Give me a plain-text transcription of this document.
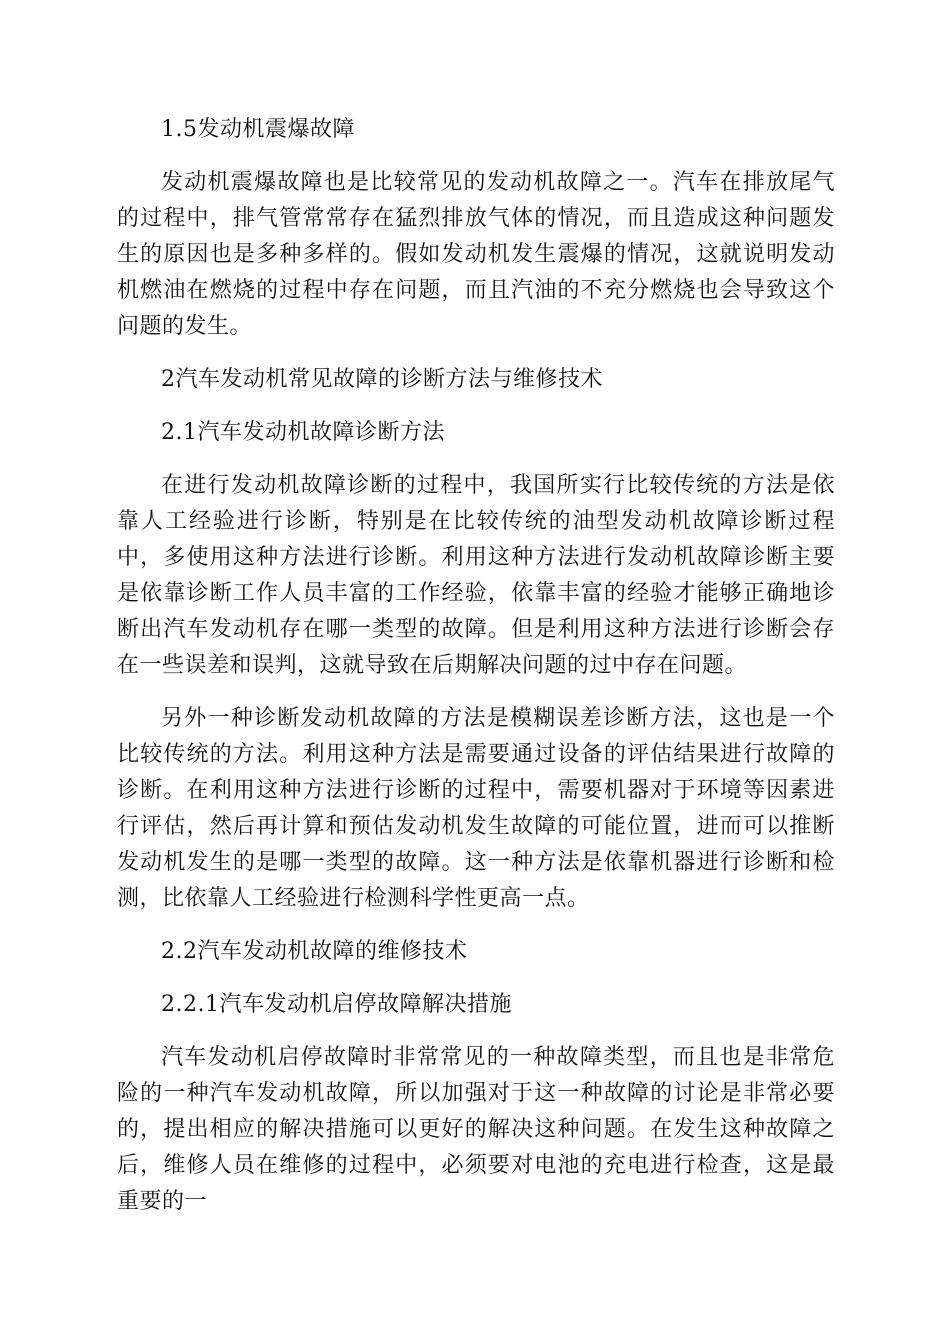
1.5发动机震爆故障

发动机震爆故障也是比较常见的发动机故障之一。汽车在排放尾气的过程中，排气管常常存在猛烈排放气体的情况，而且造成这种问题发生的原因也是多种多样的。假如发动机发生震爆的情况，这就说明发动机燃油在燃烧的过程中存在问题，而且汽油的不充分燃烧也会导致这个问题的发生。

2汽车发动机常见故障的诊断方法与维修技术

2.1汽车发动机故障诊断方法

在进行发动机故障诊断的过程中，我国所实行比较传统的方法是依靠人工经验进行诊断，特别是在比较传统的油型发动机故障诊断过程中，多使用这种方法进行诊断。利用这种方法进行发动机故障诊断主要是依靠诊断工作人员丰富的工作经验，依靠丰富的经验才能够正确地诊断出汽车发动机存在哪一类型的故障。但是利用这种方法进行诊断会存在一些误差和误判，这就导致在后期解决问题的过中存在问题。

另外一种诊断发动机故障的方法是模糊误差诊断方法，这也是一个比较传统的方法。利用这种方法是需要通过设备的评估结果进行故障的诊断。在利用这种方法进行诊断的过程中，需要机器对于环境等因素进行评估，然后再计算和预估发动机发生故障的可能位置，进而可以推断发动机发生的是哪一类型的故障。这一种方法是依靠机器进行诊断和检测，比依靠人工经验进行检测科学性更高一点。

2.2汽车发动机故障的维修技术

2.2.1汽车发动机启停故障解决措施

汽车发动机启停故障时非常常见的一种故障类型，而且也是非常危险的一种汽车发动机故障，所以加强对于这一种故障的讨论是非常必要的，提出相应的解决措施可以更好的解决这种问题。在发生这种故障之后，维修人员在维修的过程中，必须要对电池的充电进行检查，这是最重要的一
